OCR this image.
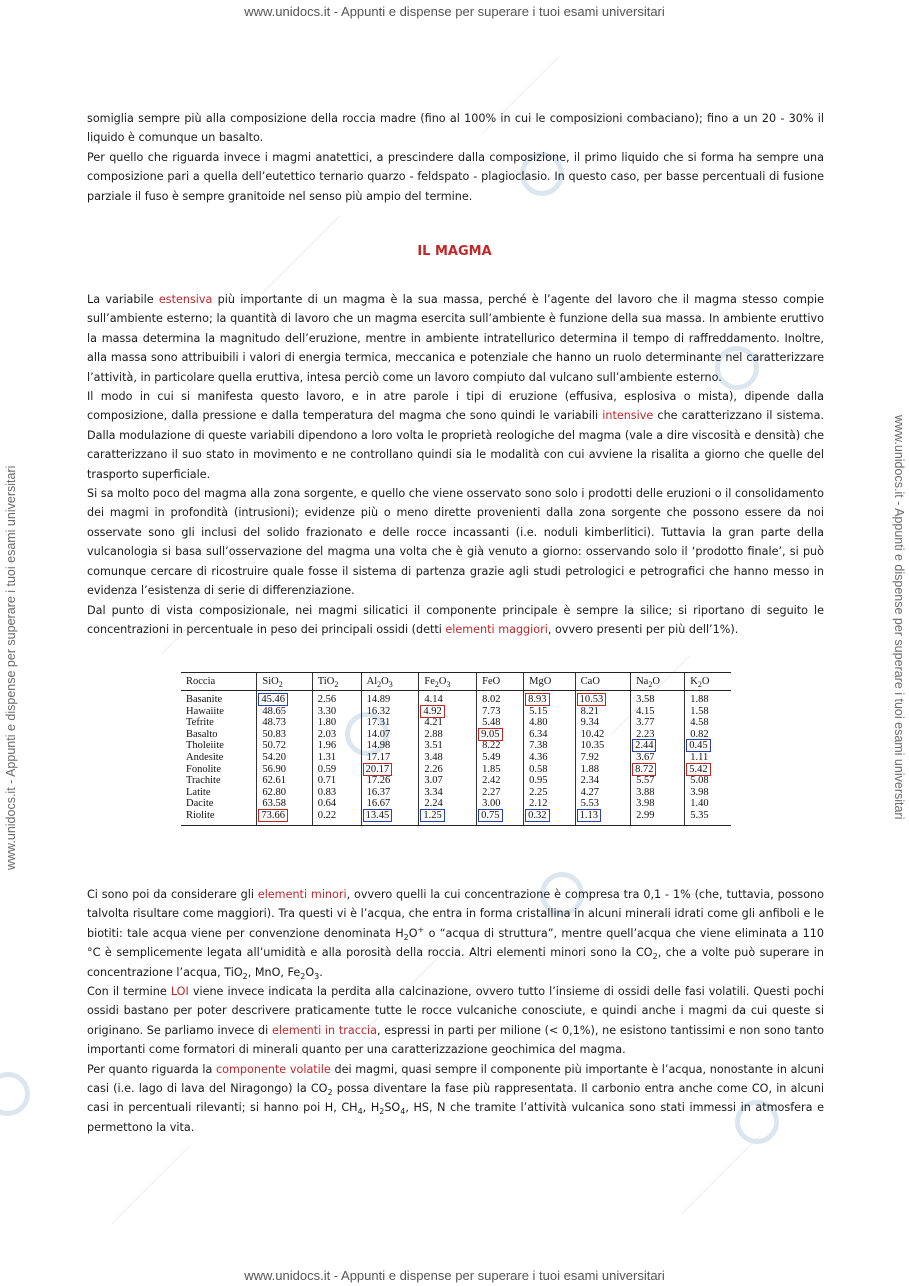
www.unidocs.it - Appunti e dispense per superare i tuoi esami universitari
www.unidocs.it - Appunti e dispense per superare i tuoi esami universitari	www.unidocs.it - Appunti e dispense per superare i tuoi esami universitari

somiglia sempre più alla composizione della roccia madre (fino al 100% in cui le composizioni combaciano); fino a un 20 - 30% il liquido è comunque un basalto.

Per quello che riguarda invece i magmi anatettici, a prescindere dalla composizione, il primo liquido che si forma ha sempre una composizione pari a quella dell’eutettico ternario quarzo - feldspato - plagioclasio. In questo caso, per basse percentuali di fusione parziale il fuso è sempre granitoide nel senso più ampio del termine.

IL MAGMA

La variabile estensiva più importante di un magma è la sua massa, perché è l’agente del lavoro che il magma stesso compie sull’ambiente esterno; la quantità di lavoro che un magma esercita sull’ambiente è funzione della sua massa. In ambiente eruttivo la massa determina la magnitudo dell’eruzione, mentre in ambiente intratellurico determina il tempo di raffreddamento. Inoltre, alla massa sono attribuibili i valori di energia termica, meccanica e potenziale che hanno un ruolo determinante nel caratterizzare l’attività, in particolare quella eruttiva, intesa perciò come un lavoro compiuto dal vulcano sull’ambiente esterno.

Il modo in cui si manifesta questo lavoro, e in atre parole i tipi di eruzione (effusiva, esplosiva o mista), dipende dalla composizione, dalla pressione e dalla temperatura del magma che sono quindi le variabili intensive che caratterizzano il sistema. Dalla modulazione di queste variabili dipendono a loro volta le proprietà reologiche del magma (vale a dire viscosità e densità) che caratterizzano il suo stato in movimento e ne controllano quindi sia le modalità con cui avviene la risalita a giorno che quelle del trasporto superficiale.

Si sa molto poco del magma alla zona sorgente, e quello che viene osservato sono solo i prodotti delle eruzioni o il consolidamento dei magmi in profondità (intrusioni); evidenze più o meno dirette provenienti dalla zona sorgente che possono essere da noi osservate sono gli inclusi del solido frazionato e delle rocce incassanti (i.e. noduli kimberlitici). Tuttavia la gran parte della vulcanologia si basa sull’osservazione del magma una volta che è già venuto a giorno: osservando solo il ‘prodotto finale’, si può comunque cercare di ricostruire quale fosse il sistema di partenza grazie agli studi petrologici e petrografici che hanno messo in evidenza l’esistenza di serie di differenziazione.

Dal punto di vista composizionale, nei magmi silicatici il componente principale è sempre la silice; si riportano di seguito le concentrazioni in percentuale in peso dei principali ossidi (detti elementi maggiori, ovvero presenti per più dell’1%).

Roccia	SiO$_2$	TiO$_2$	$Al_2O_3$	$Fe_2O_3$	FeO	MgO	CaO	$Na_2O$	$K_2O$
Basanite	45.46	2.56	14.89	4.14	8.02	8.93	10.53	3.58	1.88
Hawaiite	48.65	3.30	16.32	4.92	7.73	5.15	8.21	4.15	1.58
Tefrite	48.73	1.80	17.31	4.21	5.48	4.80	9.34	3.77	4.58
Basalto	50.83	2.03	14.07	2.88	9.05	6.34	10.42	2.23	0.82
Tholeiite	50.72	1.96	14.98	3.51	8.22	7.38	10.35	2.44	0.45
Andesite	54.20	1.31	17.17	3.48	5.49	4.36	7.92	3.67	1.11
Fonolite	56.90	0.59	20.17	2.26	1.85	0.58	1.88	8.72	5.42
Trachite	62.61	0.71	17.26	3.07	2.42	0.95	2.34	5.57	5.08
Latite	62.80	0.83	16.37	3.34	2.27	2.25	4.27	3.88	3.98
Dacite	63.58	0.64	16.67	2.24	3.00	2.12	5.53	3.98	1.40
Riolite	73.66	0.22	13.45	1.25	0.75	0.32	1.13	2.99	5.35

Ci sono poi da considerare gli elementi minori, ovvero quelli la cui concentrazione è compresa tra 0,1 - 1% (che, tuttavia, possono talvolta risultare come maggiori). Tra questi vi è l’acqua, che entra in forma cristallina in alcuni minerali idrati come gli anfiboli e le biotiti: tale acqua viene per convenzione denominata $H_2O^+$ o “acqua di struttura”, mentre quell’acqua che viene eliminata a 110 °C è semplicemente legata all’umidità e alla porosità della roccia. Altri elementi minori sono la $CO_2$, che a volte può superare in concentrazione l’acqua, TiO$_2$, MnO, $Fe_2O_3$.

Con il termine LOI viene invece indicata la perdita alla calcinazione, ovvero tutto l’insieme di ossidi delle fasi volatili. Questi pochi ossidi bastano per poter descrivere praticamente tutte le rocce vulcaniche conosciute, e quindi anche i magmi da cui queste si originano. Se parliamo invece di elementi in traccia, espressi in parti per milione (< 0,1%), ne esistono tantissimi e non sono tanto importanti come formatori di minerali quanto per una caratterizzazione geochimica del magma.

Per quanto riguarda la componente volatile dei magmi, quasi sempre il componente più importante è l’acqua, nonostante in alcuni casi (i.e. lago di lava del Niragongo) la $CO_2$ possa diventare la fase più rappresentata. Il carbonio entra anche come CO, in alcuni casi in percentuali rilevanti; si hanno poi H, $CH_4$, $H_2SO_4$, HS, N che tramite l’attività vulcanica sono stati immessi in atmosfera e permettono la vita.

www.unidocs.it - Appunti e dispense per superare i tuoi esami universitari
